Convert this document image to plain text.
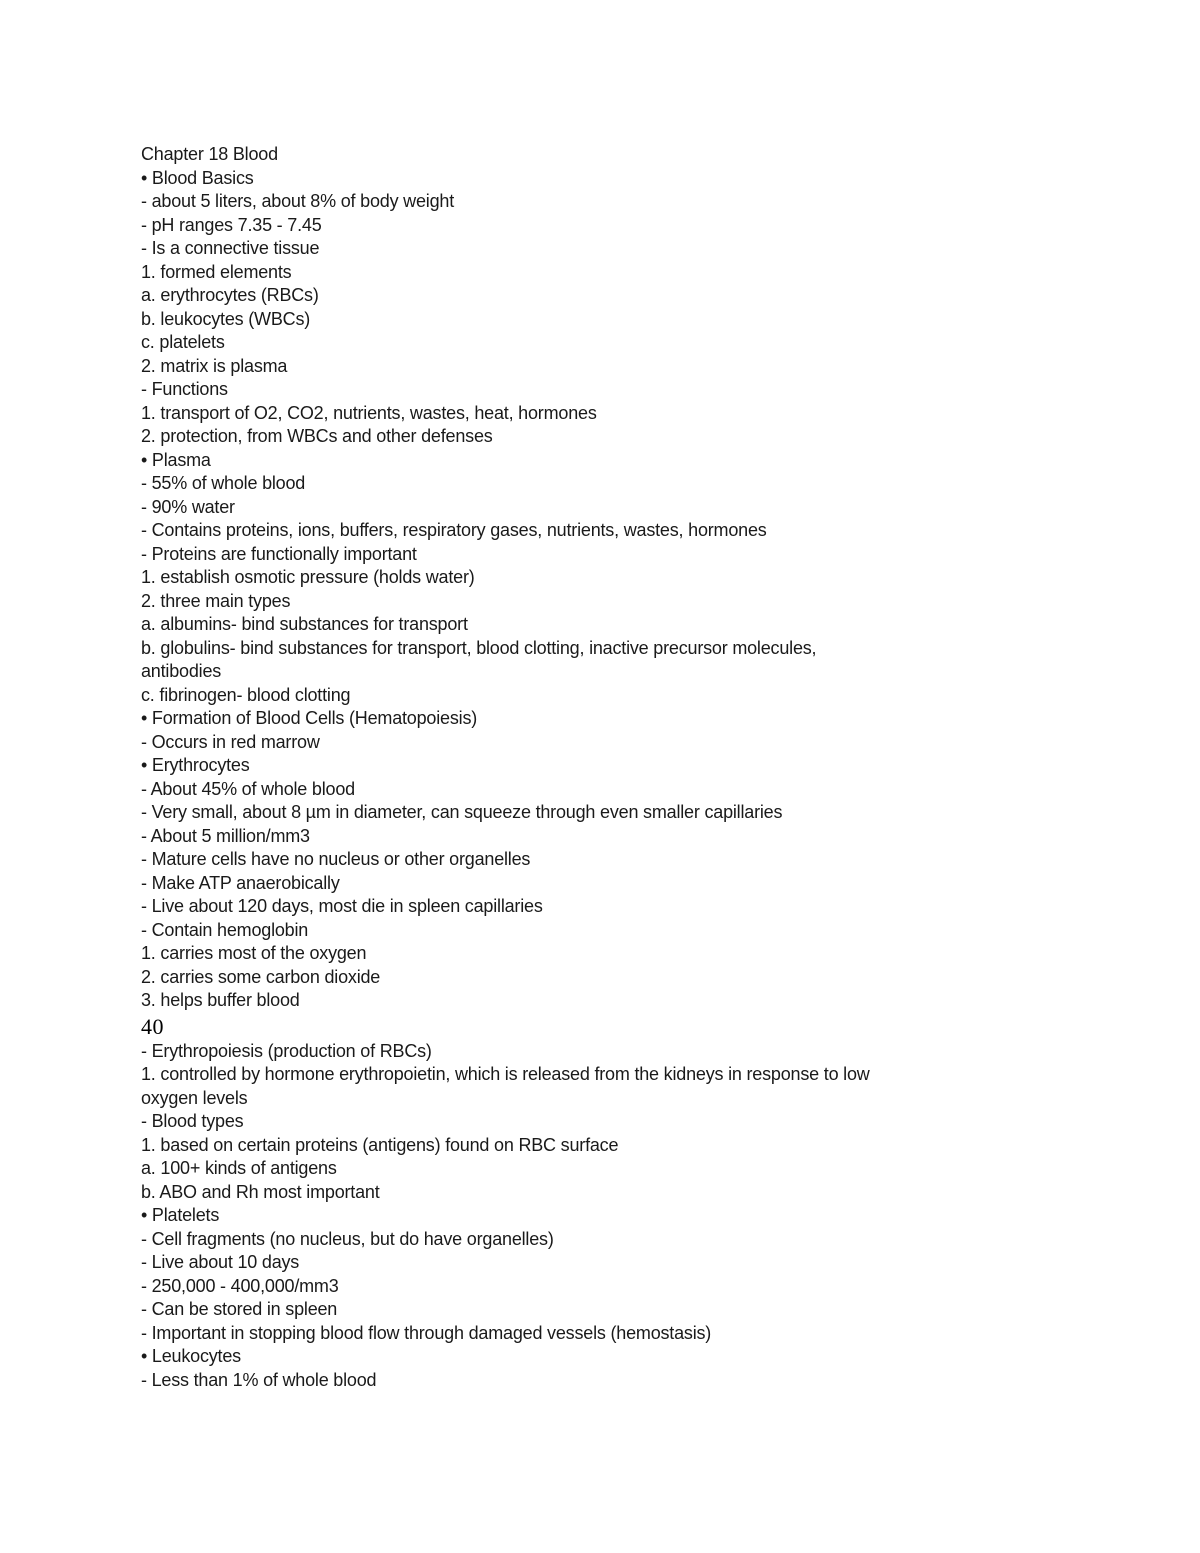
Chapter 18 Blood
• Blood Basics
- about 5 liters, about 8% of body weight
- pH ranges 7.35 - 7.45
- Is a connective tissue
1. formed elements
a. erythrocytes (RBCs)
b. leukocytes (WBCs)
c. platelets
2. matrix is plasma
- Functions
1. transport of O2, CO2, nutrients, wastes, heat, hormones
2. protection, from WBCs and other defenses
• Plasma
- 55% of whole blood
- 90% water
- Contains proteins, ions, buffers, respiratory gases, nutrients, wastes, hormones
- Proteins are functionally important
1. establish osmotic pressure (holds water)
2. three main types
a. albumins- bind substances for transport
b. globulins- bind substances for transport, blood clotting, inactive precursor molecules,
antibodies
c. fibrinogen- blood clotting
• Formation of Blood Cells (Hematopoiesis)
- Occurs in red marrow
• Erythrocytes
- About 45% of whole blood
- Very small, about 8 µm in diameter, can squeeze through even smaller capillaries
- About 5 million/mm3
- Mature cells have no nucleus or other organelles
- Make ATP anaerobically
- Live about 120 days, most die in spleen capillaries
- Contain hemoglobin
1. carries most of the oxygen
2. carries some carbon dioxide
3. helps buffer blood
40
- Erythropoiesis (production of RBCs)
1. controlled by hormone erythropoietin, which is released from the kidneys in response to low
oxygen levels
- Blood types
1. based on certain proteins (antigens) found on RBC surface
a. 100+ kinds of antigens
b. ABO and Rh most important
• Platelets
- Cell fragments (no nucleus, but do have organelles)
- Live about 10 days
- 250,000 - 400,000/mm3
- Can be stored in spleen
- Important in stopping blood flow through damaged vessels (hemostasis)
• Leukocytes
- Less than 1% of whole blood
